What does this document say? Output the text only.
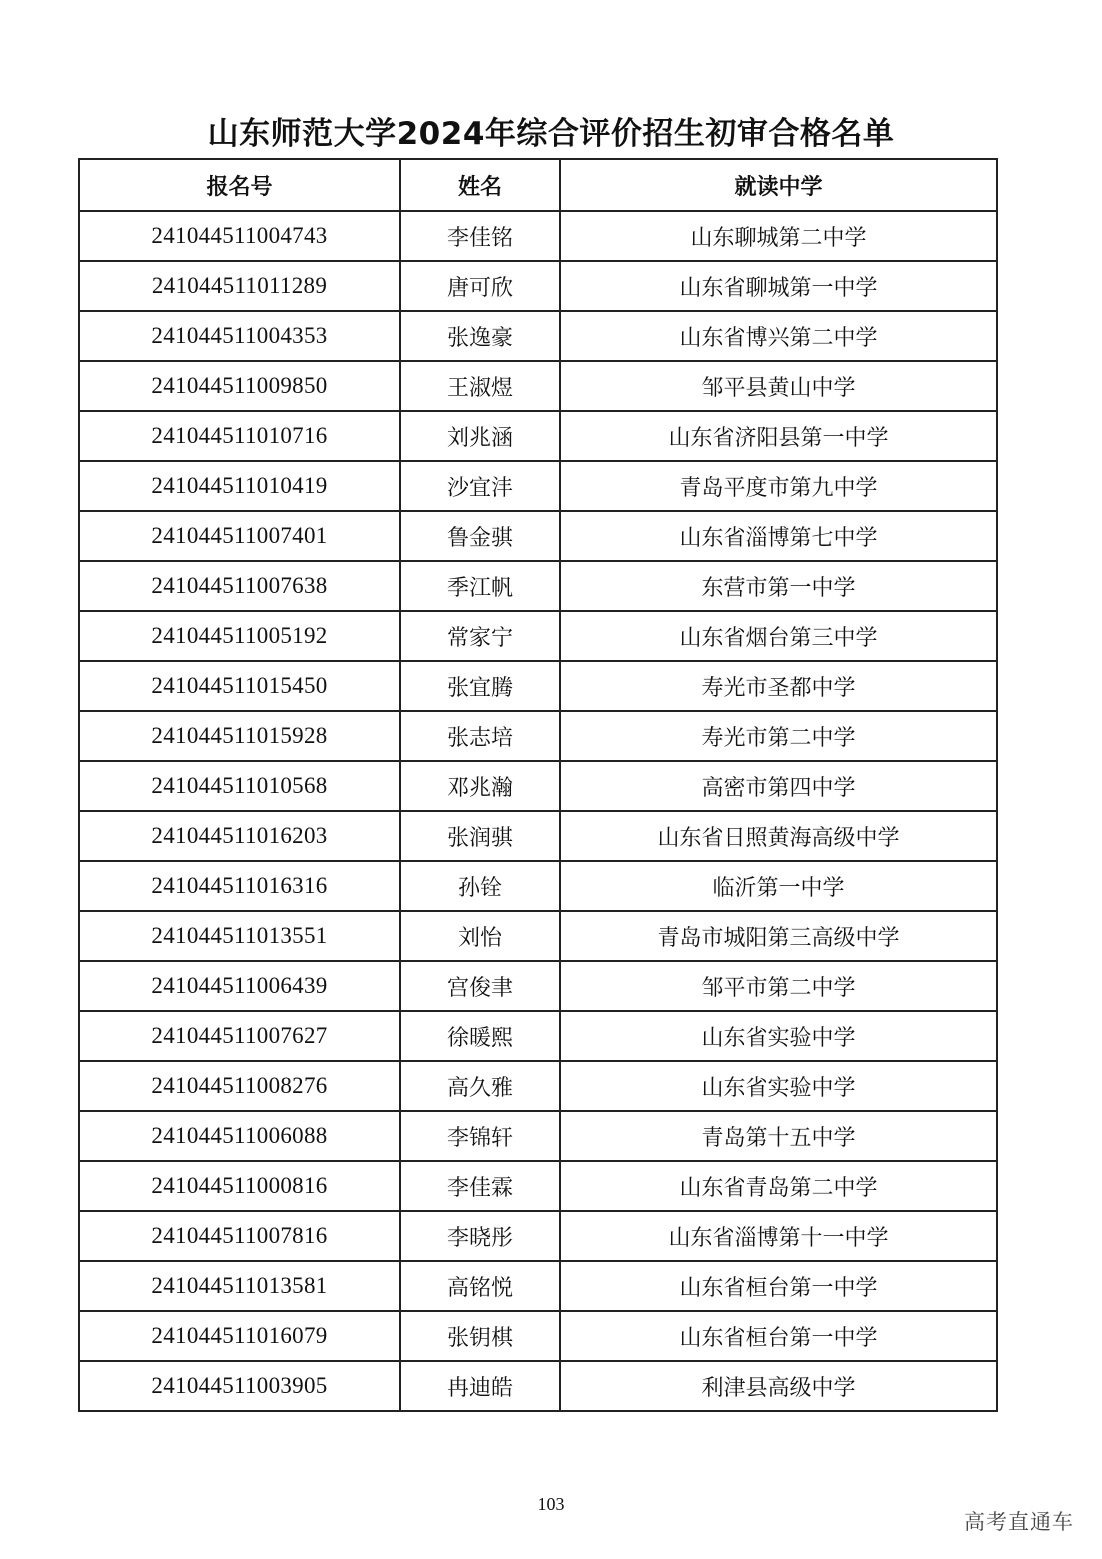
山东师范大学2024年综合评价招生初审合格名单
报名号	姓名	就读中学
241044511004743	李佳铭	山东聊城第二中学
241044511011289	唐可欣	山东省聊城第一中学
241044511004353	张逸豪	山东省博兴第二中学
241044511009850	王淑煜	邹平县黄山中学
241044511010716	刘兆涵	山东省济阳县第一中学
241044511010419	沙宜沣	青岛平度市第九中学
241044511007401	鲁金骐	山东省淄博第七中学
241044511007638	季江帆	东营市第一中学
241044511005192	常家宁	山东省烟台第三中学
241044511015450	张宜腾	寿光市圣都中学
241044511015928	张志培	寿光市第二中学
241044511010568	邓兆瀚	高密市第四中学
241044511016203	张润骐	山东省日照黄海高级中学
241044511016316	孙铨	临沂第一中学
241044511013551	刘怡	青岛市城阳第三高级中学
241044511006439	宫俊聿	邹平市第二中学
241044511007627	徐暖熙	山东省实验中学
241044511008276	高久雅	山东省实验中学
241044511006088	李锦轩	青岛第十五中学
241044511000816	李佳霖	山东省青岛第二中学
241044511007816	李晓彤	山东省淄博第十一中学
241044511013581	高铭悦	山东省桓台第一中学
241044511016079	张钥棋	山东省桓台第一中学
241044511003905	冉迪皓	利津县高级中学
103
高考直通车
